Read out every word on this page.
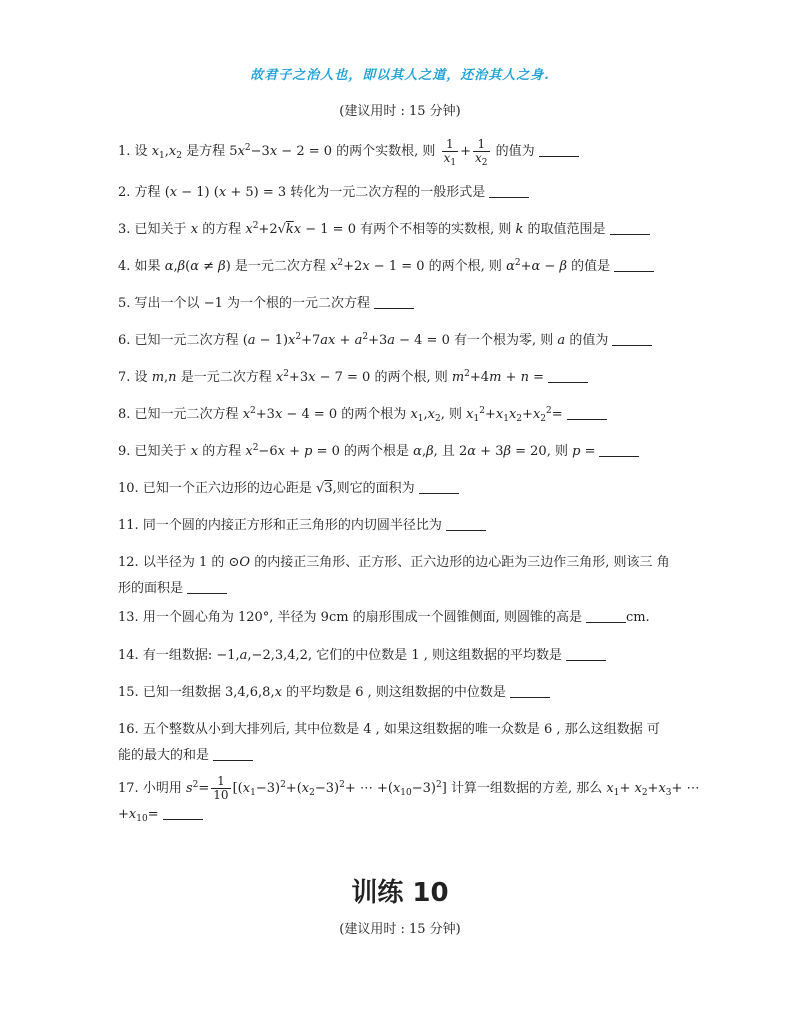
故君子之治人也，即以其人之道，还治其人之身.
(建议用时 : 15 分钟)
1. 设 $x_1,x_2$ 是方程 $5x^2-3x - 2 = 0$ 的两个实数根, 则 $\frac{1}{x_1} + \frac{1}{x_2}$ 的值为
2. 方程 (x − 1) (x + 5) = 3 转化为一元二次方程的一般形式是
3. 已知关于 x 的方程 $x^2+2√kx - 1 = 0$ 有两个不相等的实数根, 则 k 的取值范围是
4. 如果 α,β(α ≠ β) 是一元二次方程 $x^2+2x - 1 = 0$ 的两个根, 则 $\alpha^2+\alpha - \beta$ 的值是
5. 写出一个以 −1 为一个根的一元二次方程
6. 已知一元二次方程 $(a - 1)x^2+7ax + a^2+3a - 4 = 0$ 有一个根为零, 则 a 的值为
7. 设 m,n 是一元二次方程 $x^2+3x - 7 = 0$ 的两个根, 则 $m^2+4m + n$ =
8. 已知一元二次方程 $x^2+3x - 4 = 0$ 的两个根为 $x_1,x_2$, 则 $x_1^2+x_1x_2+x_2^2=$
9. 已知关于 x 的方程 $x^2-6x + p = 0$ 的两个根是 α,β, 且 2α + 3β = 20, 则 p =
10. 已知一个正六边形的边心距是 √3,则它的面积为
11. 同一个圆的内接正方形和正三角形的内切圆半径比为
12. 以半径为 1 的 ⊙O 的内接正三角形、正方形、正六边形的边心距为三边作三角形, 则该三 角
形的面积是
13. 用一个圆心角为 120°, 半径为 9cm 的扇形围成一个圆锥侧面, 则圆锥的高是	cm.
14. 有一组数据: −1,a,−2,3,4,2, 它们的中位数是 1 , 则这组数据的平均数是
15. 已知一组数据 3,4,6,8,x 的平均数是 6 , 则这组数据的中位数是
16. 五个整数从小到大排列后, 其中位数是 4 , 如果这组数据的唯一众数是 6 , 那么这组数据 可
能的最大的和是
17. 小明用 $s^2= \frac{1}{10} [(x_1-3)^2+(x_2-3)^2+$ ⋯ $+(x_{10}-3)^2$] 计算一组数据的方差, 那么 $x_1+ x_2+x_3+$ ⋯
$+x_{10}=$
训练 10
(建议用时 : 15 分钟)
